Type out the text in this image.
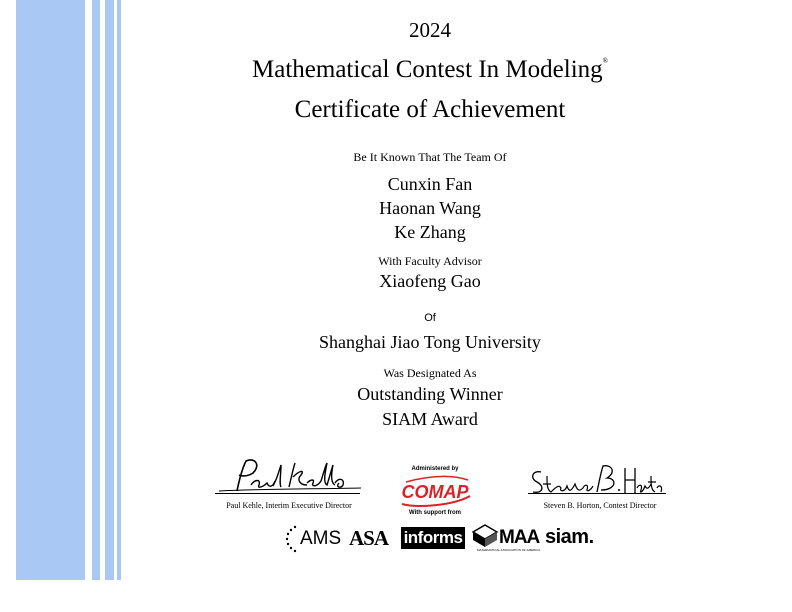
2024
Mathematical Contest In Modeling®
Certificate of Achievement
Be It Known That The Team Of
Cunxin Fan
Haonan Wang
Ke Zhang
With Faculty Advisor
Xiaofeng Gao
Of
Shanghai Jiao Tong University
Was Designated As
Outstanding Winner
SIAM Award
Paul Kehle, Interim Executive Director	Steven B. Horton, Contest Director
Administered by
COMAP
With support from
AMS ASA informs MAA
MATHEMATICAL ASSOCIATION OF AMERICA
siam.
